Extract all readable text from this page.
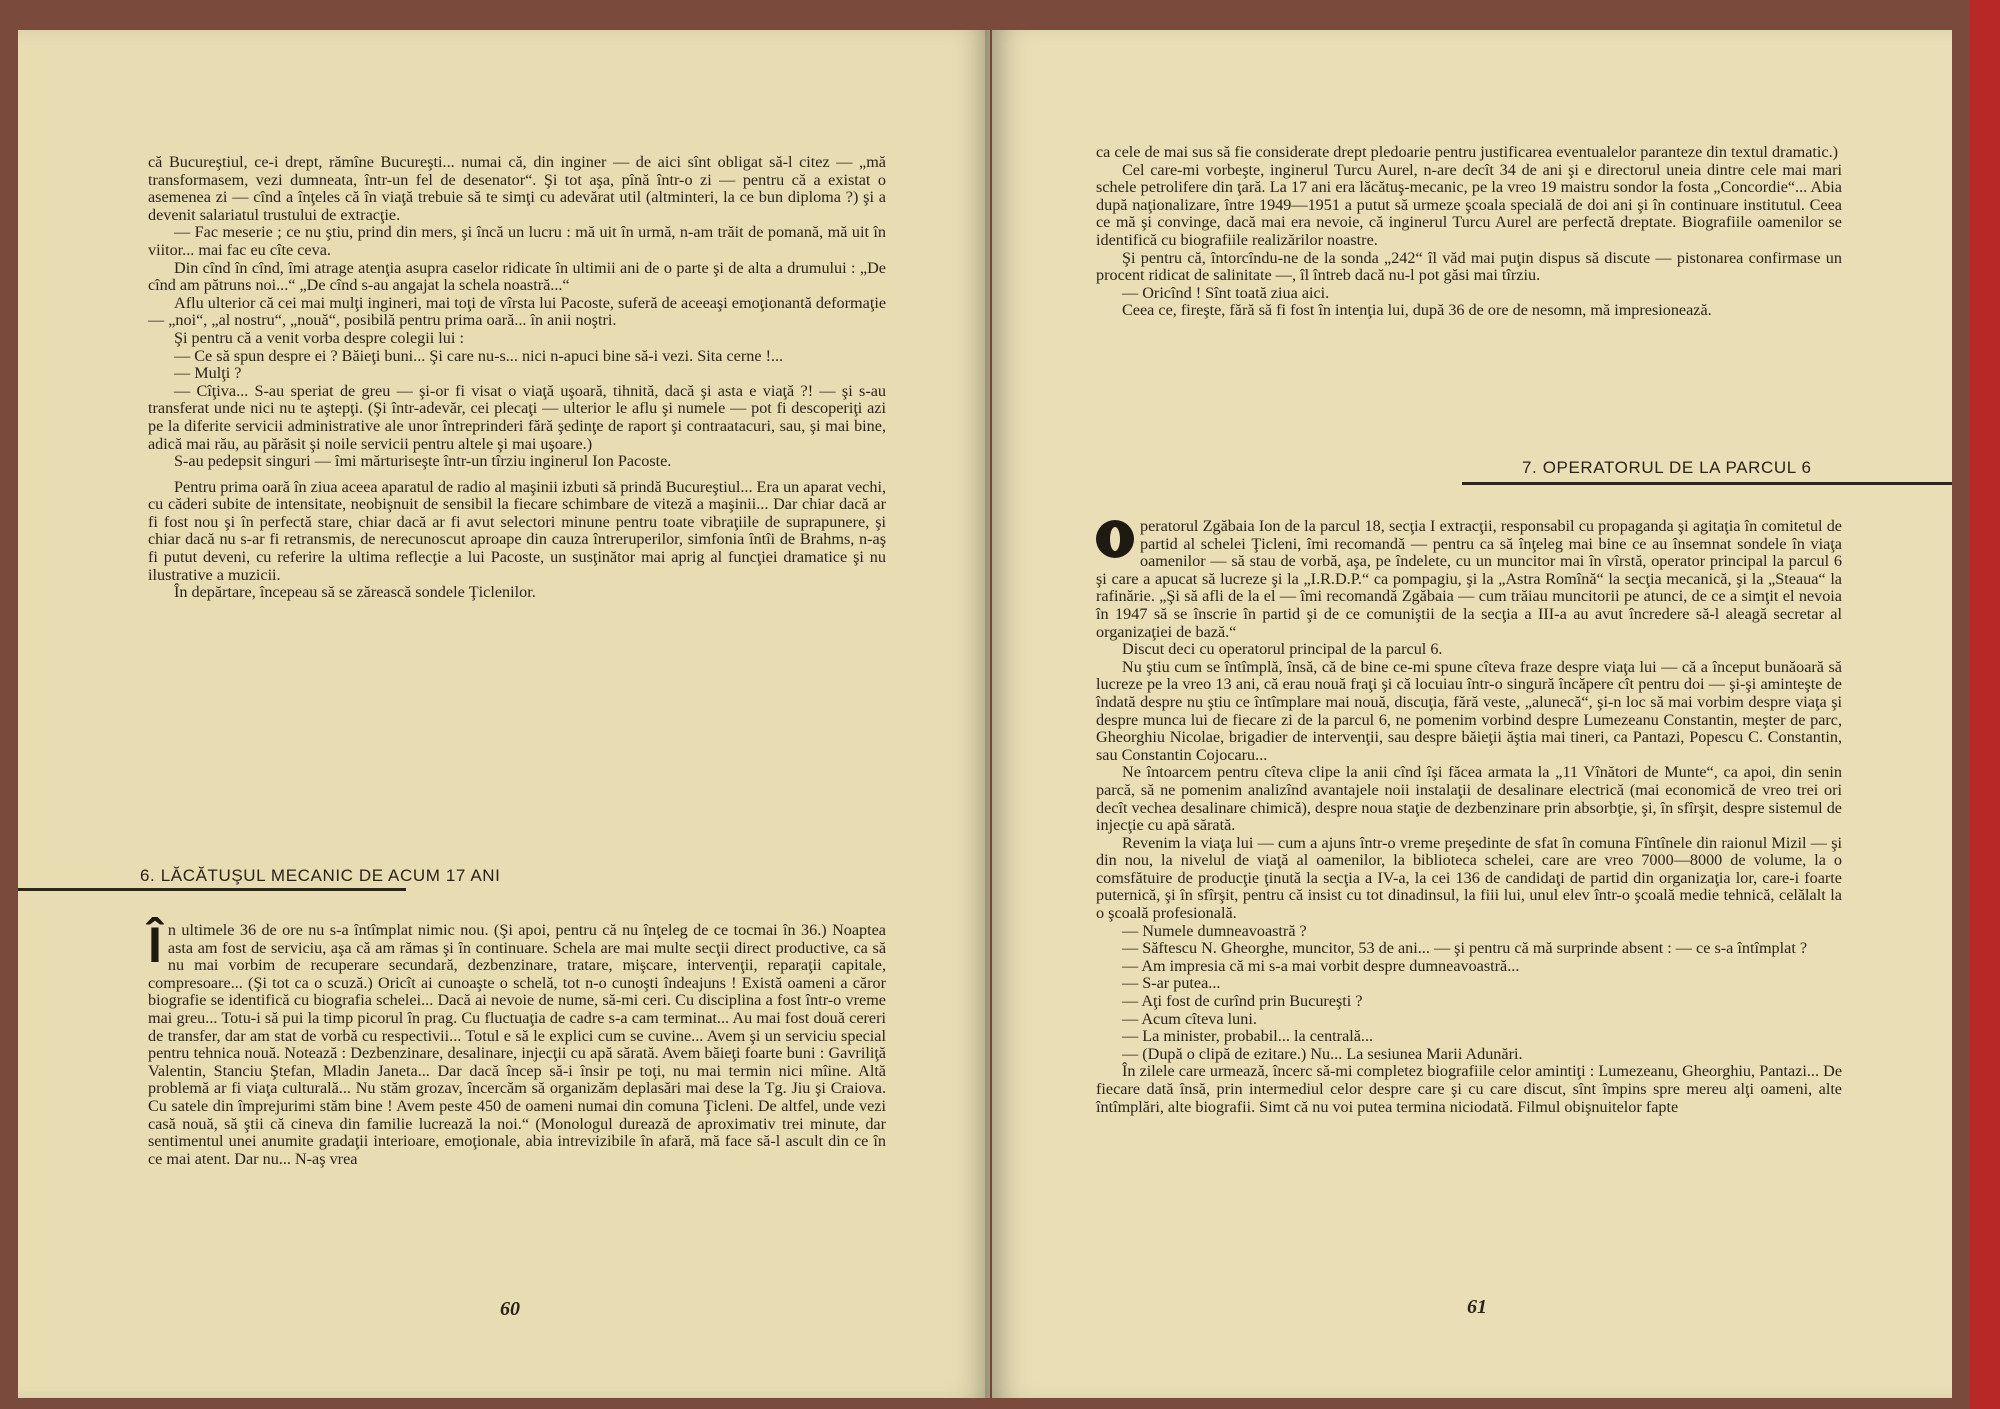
că Bucureştiul, ce-i drept, rămîne Bucureşti... numai că, din inginer — de aici sînt obligat să-l citez — „mă transformasem, vezi dumneata, într-un fel de desenator“. Şi tot aşa, pînă într-o zi — pentru că a existat o asemenea zi — cînd a înţeles că în viaţă trebuie să te simţi cu adevărat util (altminteri, la ce bun diploma ?) şi a devenit salariatul trustului de extracţie.

— Fac meserie ; ce nu ştiu, prind din mers, şi încă un lucru : mă uit în urmă, n-am trăit de pomană, mă uit în viitor... mai fac eu cîte ceva.

Din cînd în cînd, îmi atrage atenţia asupra caselor ridicate în ultimii ani de o parte şi de alta a drumului : „De cînd am pătruns noi...“ „De cînd s-au angajat la schela noastră...“

Aflu ulterior că cei mai mulţi ingineri, mai toţi de vîrsta lui Pacoste, suferă de aceeaşi emoţionantă deformaţie — „noi“, „al nostru“, „nouă“, posibilă pentru prima oară... în anii noştri.

Şi pentru că a venit vorba despre colegii lui :

— Ce să spun despre ei ? Băieţi buni... Şi care nu-s... nici n-apuci bine să-i vezi. Sita cerne !...

— Mulţi ?

— Cîţiva... S-au speriat de greu — şi-or fi visat o viaţă uşoară, tihnită, dacă şi asta e viaţă ?! — şi s-au transferat unde nici nu te aştepţi. (Şi într-adevăr, cei plecaţi — ulterior le aflu şi numele — pot fi descoperiţi azi pe la diferite servicii administrative ale unor întreprinderi fără şedinţe de raport şi contraatacuri, sau, şi mai bine, adică mai rău, au părăsit şi noile servicii pentru altele şi mai uşoare.)

S-au pedepsit singuri — îmi mărturiseşte într-un tîrziu inginerul Ion Pacoste.

Pentru prima oară în ziua aceea aparatul de radio al maşinii izbuti să prindă Bucureştiul... Era un aparat vechi, cu căderi subite de intensitate, neobişnuit de sensibil la fiecare schimbare de viteză a maşinii... Dar chiar dacă ar fi fost nou şi în perfectă stare, chiar dacă ar fi avut selectori minune pentru toate vibraţiile de suprapunere, şi chiar dacă nu s-ar fi retransmis, de nerecunoscut aproape din cauza întreruperilor, simfonia întîi de Brahms, n-aş fi putut deveni, cu referire la ultima reflecţie a lui Pacoste, un susţinător mai aprig al funcţiei dramatice şi nu ilustrative a muzicii.

În depărtare, începeau să se zărească sondele Ţiclenilor.

6. LĂCĂTUŞUL MECANIC DE ACUM 17 ANI
Î n ultimele 36 de ore nu s-a întîmplat nimic nou. (Şi apoi, pentru că nu înţeleg de ce tocmai în 36.) Noaptea asta am fost de serviciu, aşa că am rămas şi în continuare. Schela are mai multe secţii direct productive, ca să nu mai vorbim de recuperare secundară, dezbenzinare, tratare, mişcare, intervenţii, reparaţii capitale, compresoare... (Şi tot ca o scuză.) Oricît ai cunoaşte o schelă, tot n-o cunoşti îndeajuns ! Există oameni a căror biografie se identifică cu biografia schelei... Dacă ai nevoie de nume, să-mi ceri. Cu disciplina a fost într-o vreme mai greu... Totu-i să pui la timp picorul în prag. Cu fluctuaţia de cadre s-a cam terminat... Au mai fost două cereri de transfer, dar am stat de vorbă cu respectivii... Totul e să le explici cum se cuvine... Avem şi un serviciu special pentru tehnica nouă. Notează : Dezbenzinare, desalinare, injecţii cu apă sărată. Avem băieţi foarte buni : Gavriliţă Valentin, Stanciu Ştefan, Mladin Janeta... Dar dacă încep să-i însir pe toţi, nu mai termin nici mîine. Altă problemă ar fi viaţa culturală... Nu stăm grozav, încercăm să organizăm deplasări mai dese la Tg. Jiu şi Craiova. Cu satele din împrejurimi stăm bine ! Avem peste 450 de oameni numai din comuna Ţicleni. De altfel, unde vezi casă nouă, să ştii că cineva din familie lucrează la noi.“ (Monologul durează de aproximativ trei minute, dar sentimentul unei anumite gradaţii interioare, emoţionale, abia intrevizibile în afară, mă face să-l ascult din ce în ce mai atent. Dar nu... N-aş vrea

60

ca cele de mai sus să fie considerate drept pledoarie pentru justificarea eventualelor paranteze din textul dramatic.)

Cel care-mi vorbeşte, inginerul Turcu Aurel, n-are decît 34 de ani şi e directorul uneia dintre cele mai mari schele petrolifere din ţară. La 17 ani era lăcătuş-mecanic, pe la vreo 19 maistru sondor la fosta „Concordie“... Abia după naţionalizare, între 1949—1951 a putut să urmeze şcoala specială de doi ani şi în continuare institutul. Ceea ce mă şi convinge, dacă mai era nevoie, că inginerul Turcu Aurel are perfectă dreptate. Biografiile oamenilor se identifică cu biografiile realizărilor noastre.

Şi pentru că, întorcîndu-ne de la sonda „242“ îl văd mai puţin dispus să discute — pistonarea confirmase un procent ridicat de salinitate —, îl întreb dacă nu-l pot găsi mai tîrziu.

— Oricînd ! Sînt toată ziua aici.

Ceea ce, fireşte, fără să fi fost în intenţia lui, după 36 de ore de nesomn, mă impresionează.

7. OPERATORUL DE LA PARCUL 6

peratorul Zgăbaia Ion de la parcul 18, secţia I extracţii, responsabil cu propaganda şi agitaţia în comitetul de partid al schelei Ţicleni, îmi recomandă — pentru ca să înţeleg mai bine ce au însemnat sondele în viaţa oamenilor — să stau de vorbă, aşa, pe îndelete, cu un muncitor mai în vîrstă, operator principal la parcul 6 şi care a apucat să lucreze şi la „I.R.D.P.“ ca pompagiu, şi la „Astra Romînă“ la secţia mecanică, şi la „Steaua“ la rafinărie. „Şi să afli de la el — îmi recomandă Zgăbaia — cum trăiau muncitorii pe atunci, de ce a simţit el nevoia în 1947 să se înscrie în partid şi de ce comuniştii de la secţia a III-a au avut încredere să-l aleagă secretar al organizaţiei de bază.“

Discut deci cu operatorul principal de la parcul 6.

Nu ştiu cum se întîmplă, însă, că de bine ce-mi spune cîteva fraze despre viaţa lui — că a început bunăoară să lucreze pe la vreo 13 ani, că erau nouă fraţi şi că locuiau într-o singură încăpere cît pentru doi — şi-şi aminteşte de îndată despre nu ştiu ce întîmplare mai nouă, discuţia, fără veste, „alunecă“, şi-n loc să mai vorbim despre viaţa şi despre munca lui de fiecare zi de la parcul 6, ne pomenim vorbind despre Lumezeanu Constantin, meşter de parc, Gheorghiu Nicolae, brigadier de intervenţii, sau despre băieţii ăştia mai tineri, ca Pantazi, Popescu C. Constantin, sau Constantin Cojocaru...

Ne întoarcem pentru cîteva clipe la anii cînd îşi făcea armata la „11 Vînători de Munte“, ca apoi, din senin parcă, să ne pomenim analizînd avantajele noii instalaţii de desalinare electrică (mai economică de vreo trei ori decît vechea desalinare chimică), despre noua staţie de dezbenzinare prin absorbţie, şi, în sfîrşit, despre sistemul de injecţie cu apă sărată.

Revenim la viaţa lui — cum a ajuns într-o vreme preşedinte de sfat în comuna Fîntînele din raionul Mizil — şi din nou, la nivelul de viaţă al oamenilor, la biblioteca schelei, care are vreo 7000—8000 de volume, la o comsfătuire de producţie ţinută la secţia a IV-a, la cei 136 de candidaţi de partid din organizaţia lor, care-i foarte puternică, şi în sfîrşit, pentru că insist cu tot dinadinsul, la fiii lui, unul elev într-o şcoală medie tehnică, celălalt la o şcoală profesională.

— Numele dumneavoastră ?

— Săftescu N. Gheorghe, muncitor, 53 de ani... — şi pentru că mă surprinde absent : — ce s-a întîmplat ?

— Am impresia că mi s-a mai vorbit despre dumneavoastră...

— S-ar putea...

— Aţi fost de curînd prin Bucureşti ?

— Acum cîteva luni.

— La minister, probabil... la centrală...

— (După o clipă de ezitare.) Nu... La sesiunea Marii Adunări.

În zilele care urmează, încerc să-mi completez biografiile celor amintiţi : Lumezeanu, Gheorghiu, Pantazi... De fiecare dată însă, prin intermediul celor despre care şi cu care discut, sînt împins spre mereu alţi oameni, alte întîmplări, alte biografii. Simt că nu voi putea termina niciodată. Filmul obişnuitelor fapte

61
